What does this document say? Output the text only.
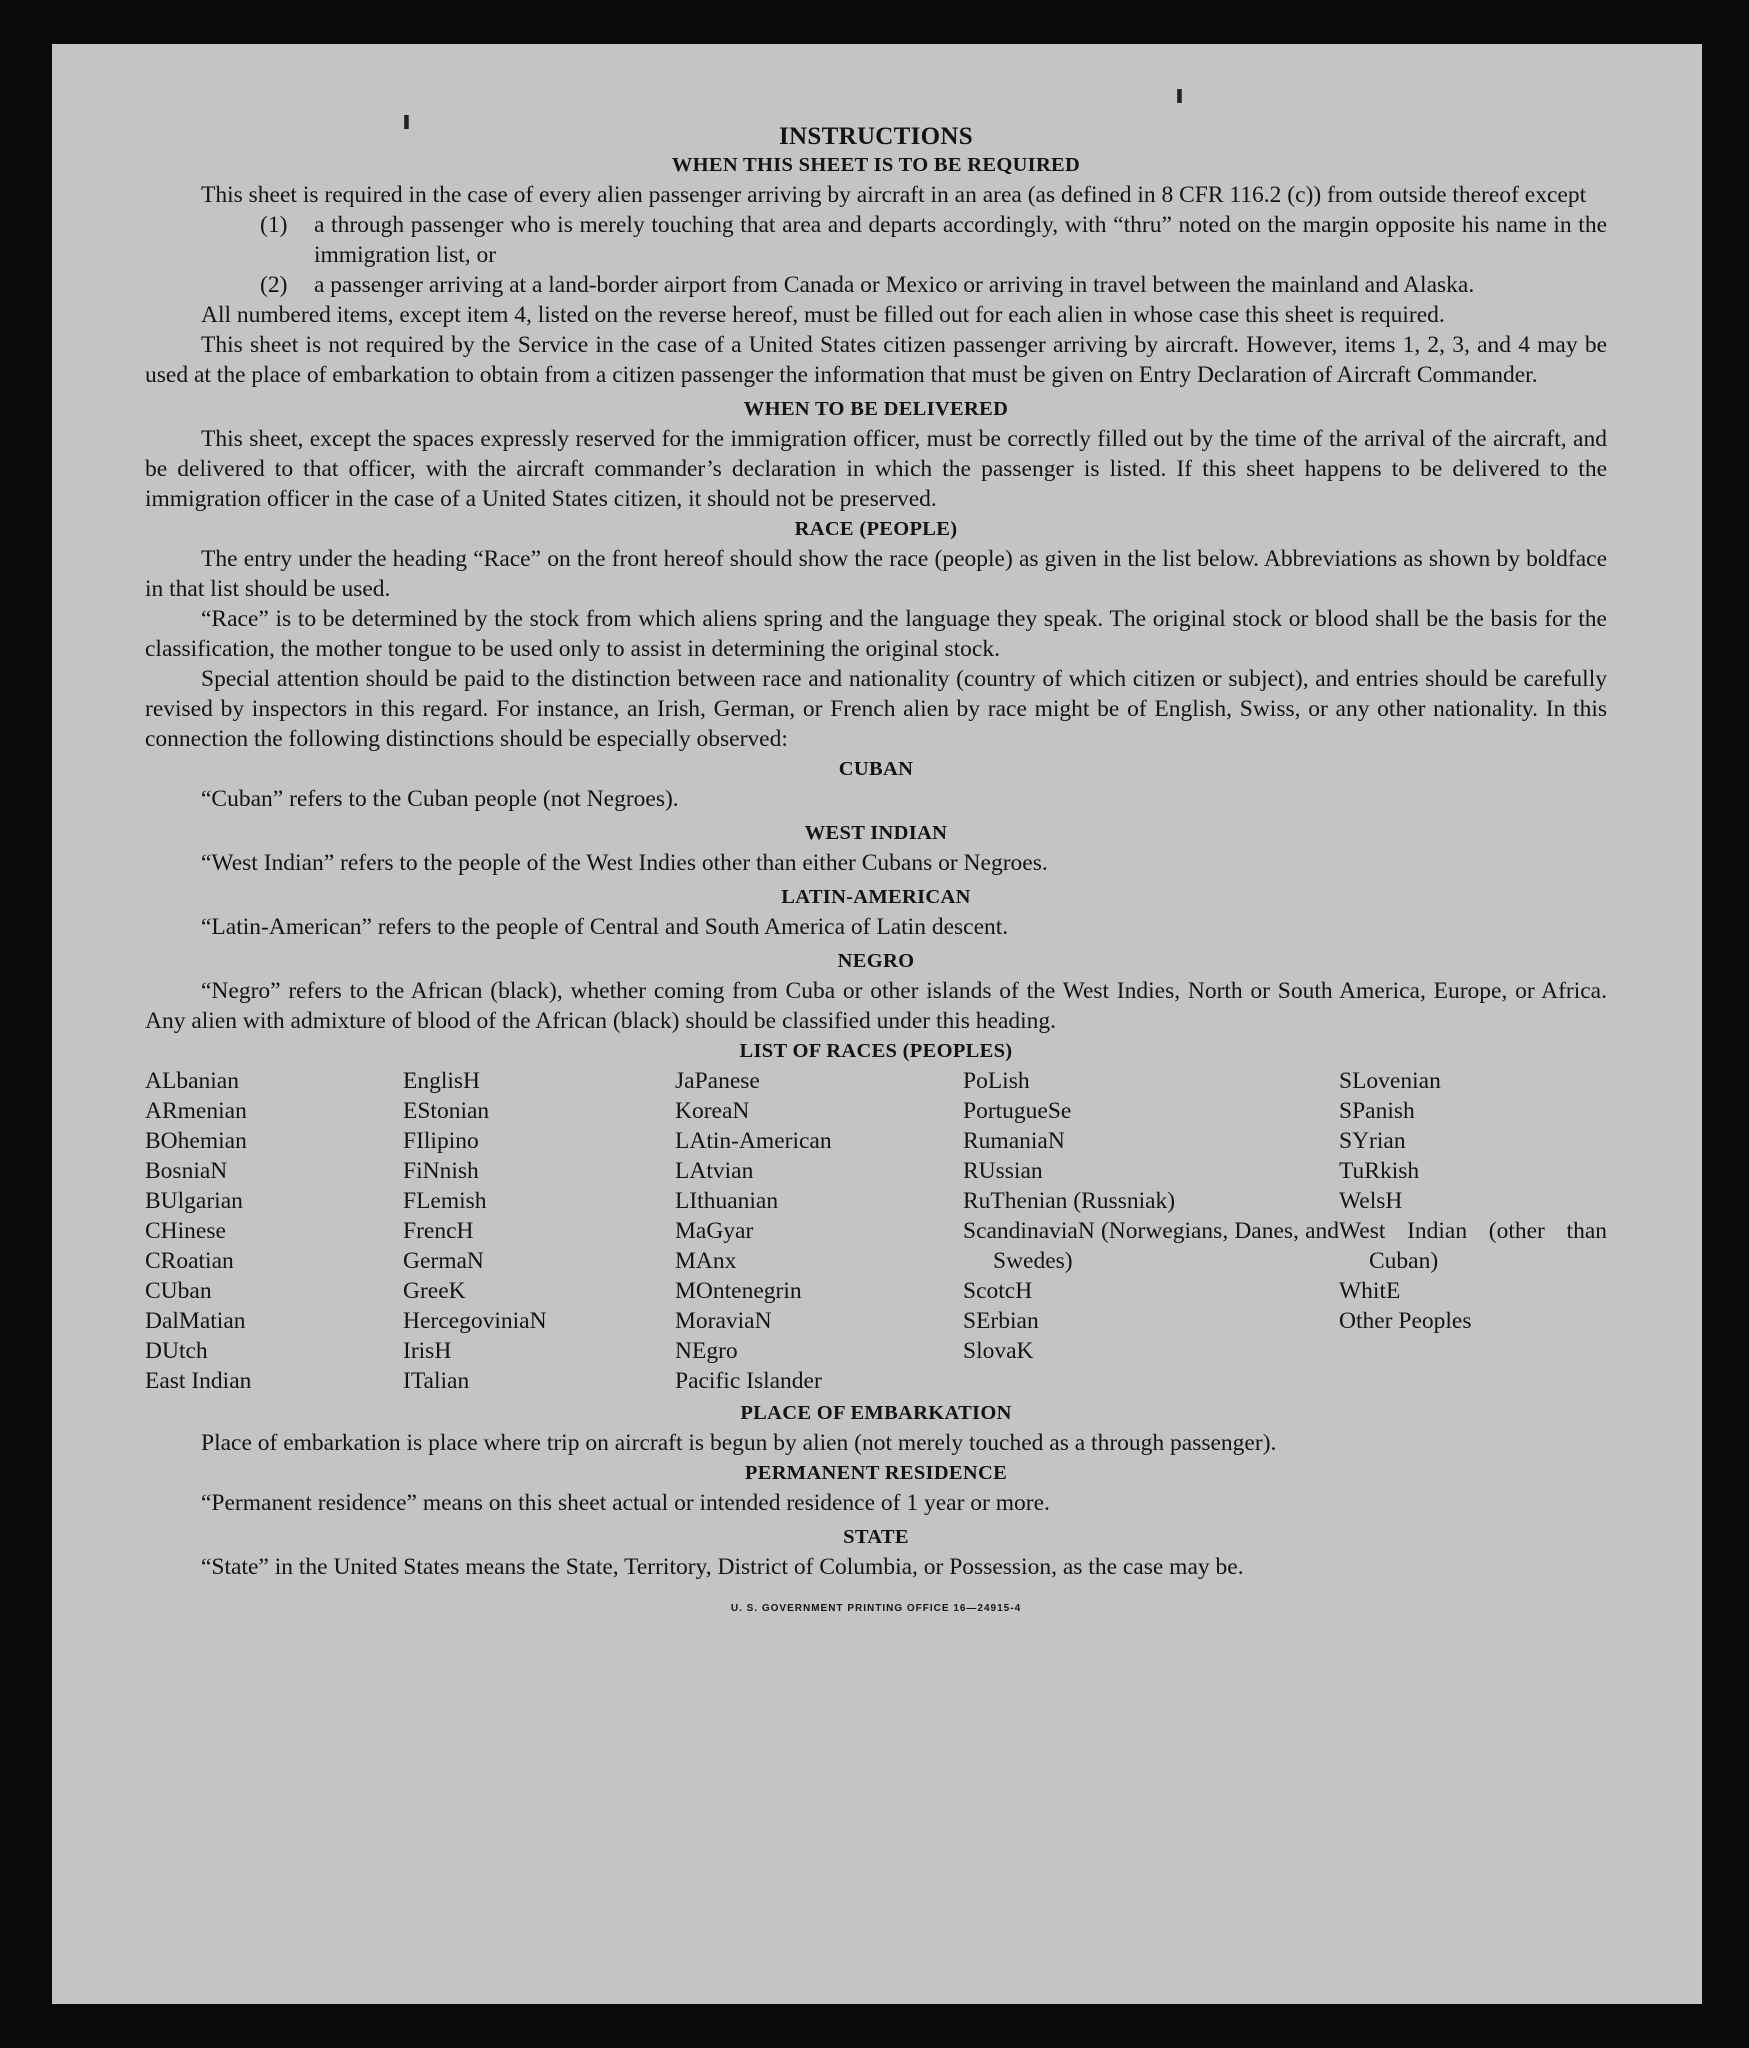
ı
ı
INSTRUCTIONS
WHEN THIS SHEET IS TO BE REQUIRED
This sheet is required in the case of every alien passenger arriving by aircraft in an area (as defined in 8 CFR 116.2 (c)) from outside thereof except
(1)	a through passenger who is merely touching that area and departs accordingly, with “thru” noted on the margin opposite his name in the immigration list, or
(2)	a passenger arriving at a land-border airport from Canada or Mexico or arriving in travel between the mainland and Alaska.
All numbered items, except item 4, listed on the reverse hereof, must be filled out for each alien in whose case this sheet is required.
This sheet is not required by the Service in the case of a United States citizen passenger arriving by aircraft. However, items 1, 2, 3, and 4 may be used at the place of embarkation to obtain from a citizen passenger the information that must be given on Entry Declaration of Aircraft Commander.
WHEN TO BE DELIVERED
This sheet, except the spaces expressly reserved for the immigration officer, must be correctly filled out by the time of the arrival of the aircraft, and be delivered to that officer, with the aircraft commander’s declaration in which the passenger is listed. If this sheet happens to be delivered to the immigration officer in the case of a United States citizen, it should not be preserved.
RACE (PEOPLE)
The entry under the heading “Race” on the front hereof should show the race (people) as given in the list below. Abbreviations as shown by boldface in that list should be used.
“Race” is to be determined by the stock from which aliens spring and the language they speak. The original stock or blood shall be the basis for the classification, the mother tongue to be used only to assist in determining the original stock.
Special attention should be paid to the distinction between race and nationality (country of which citizen or subject), and entries should be carefully revised by inspectors in this regard. For instance, an Irish, German, or French alien by race might be of English, Swiss, or any other nationality. In this connection the following distinctions should be especially observed:
CUBAN
“Cuban” refers to the Cuban people (not Negroes).
WEST INDIAN
“West Indian” refers to the people of the West Indies other than either Cubans or Negroes.
LATIN-AMERICAN
“Latin-American” refers to the people of Central and South America of Latin descent.
NEGRO
“Negro” refers to the African (black), whether coming from Cuba or other islands of the West Indies, North or South America, Europe, or Africa. Any alien with admixture of blood of the African (black) should be classified under this heading.
LIST OF RACES (PEOPLES)
ALbanian
ARmenian
BOhemian
BosniaN
BUlgarian
CHinese
CRoatian
CUban
DalMatian
DUtch
East Indian
EnglisH
EStonian
FIlipino
FiNnish
FLemish
FrencH
GermaN
GreeK
HercegoviniaN
IrisH
ITalian
JaPanese
KoreaN
LAtin-American
LAtvian
LIthuanian
MaGyar
MAnx
MOntenegrin
MoraviaN
NEgro
Pacific Islander
PoLish
PortugueSe
RumaniaN
RUssian
RuThenian (Russniak)
ScandinaviaN (Norwegians, Danes, and Swedes)
ScotcH
SErbian
SlovaK
SLovenian
SPanish
SYrian
TuRkish
WelsH
West Indian (other than Cuban)
WhitE
Other Peoples
PLACE OF EMBARKATION
Place of embarkation is place where trip on aircraft is begun by alien (not merely touched as a through passenger).
PERMANENT RESIDENCE
“Permanent residence” means on this sheet actual or intended residence of 1 year or more.
STATE
“State” in the United States means the State, Territory, District of Columbia, or Possession, as the case may be.
U. S. GOVERNMENT PRINTING OFFICE 16—24915-4
